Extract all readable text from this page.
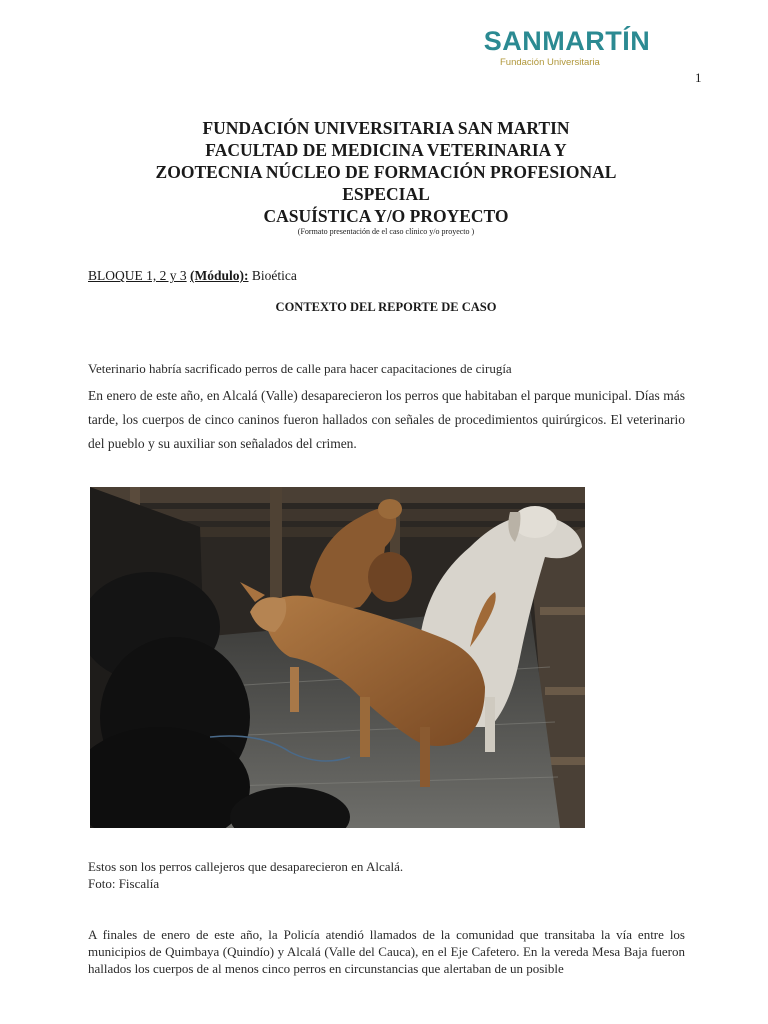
SANMARTÍN
Fundación Universitaria
1
FUNDACIÓN UNIVERSITARIA SAN MARTIN
FACULTAD DE MEDICINA VETERINARIA Y
ZOOTECNIA NÚCLEO DE FORMACIÓN PROFESIONAL
ESPECIAL
CASUÍSTICA Y/O PROYECTO
(Formato presentación de el caso clínico y/o proyecto )
BLOQUE 1, 2 y 3 (Módulo): Bioética
CONTEXTO DEL REPORTE DE CASO
Veterinario habría sacrificado perros de calle para hacer capacitaciones de cirugía
En enero de este año, en Alcalá (Valle) desaparecieron los perros que habitaban el parque municipal. Días más tarde, los cuerpos de cinco caninos fueron hallados con señales de procedimientos quirúrgicos. El veterinario del pueblo y su auxiliar son señalados del crimen.
Estos son los perros callejeros que desaparecieron en Alcalá.
Foto: Fiscalía
A finales de enero de este año, la Policía atendió llamados de la comunidad que transitaba la vía entre los municipios de Quimbaya (Quindío) y Alcalá (Valle del Cauca), en el Eje Cafetero. En la vereda Mesa Baja fueron hallados los cuerpos de al menos cinco perros en circunstancias que alertaban de un posible
